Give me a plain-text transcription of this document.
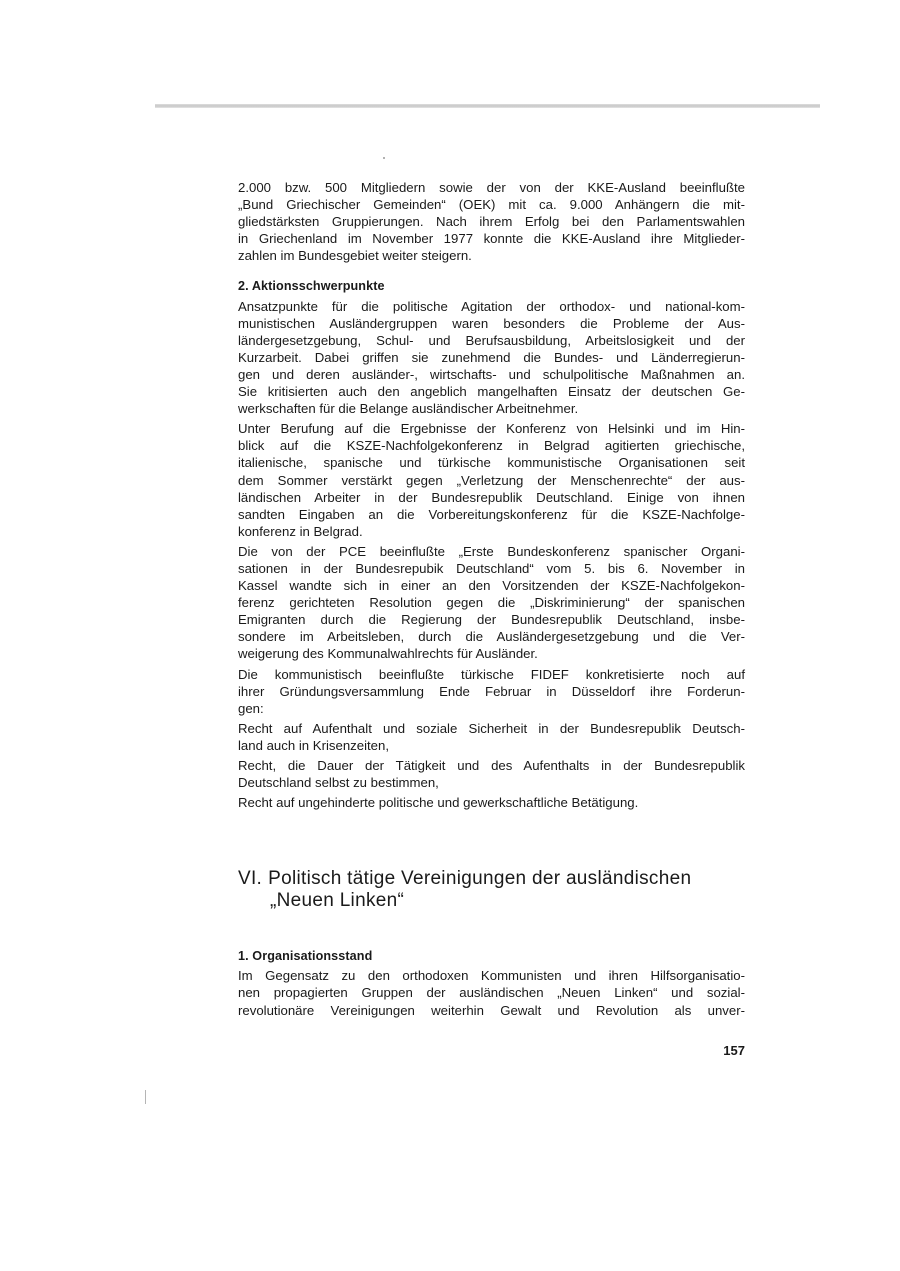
2.000 bzw. 500 Mitgliedern sowie der von der KKE-Ausland beeinflußte
„Bund Griechischer Gemeinden“ (OEK) mit ca. 9.000 Anhängern die mit-
gliedstärksten Gruppierungen. Nach ihrem Erfolg bei den Parlamentswahlen
in Griechenland im November 1977 konnte die KKE-Ausland ihre Mitglieder-
zahlen im Bundesgebiet weiter steigern.
2. Aktionsschwerpunkte
Ansatzpunkte für die politische Agitation der orthodox- und national-kom-
munistischen Ausländergruppen waren besonders die Probleme der Aus-
ländergesetzgebung, Schul- und Berufsausbildung, Arbeitslosigkeit und der
Kurzarbeit. Dabei griffen sie zunehmend die Bundes- und Länderregierun-
gen und deren ausländer-, wirtschafts- und schulpolitische Maßnahmen an.
Sie kritisierten auch den angeblich mangelhaften Einsatz der deutschen Ge-
werkschaften für die Belange ausländischer Arbeitnehmer.
Unter Berufung auf die Ergebnisse der Konferenz von Helsinki und im Hin-
blick auf die KSZE-Nachfolgekonferenz in Belgrad agitierten griechische,
italienische, spanische und türkische kommunistische Organisationen seit
dem Sommer verstärkt gegen „Verletzung der Menschenrechte“ der aus-
ländischen Arbeiter in der Bundesrepublik Deutschland. Einige von ihnen
sandten Eingaben an die Vorbereitungskonferenz für die KSZE-Nachfolge-
konferenz in Belgrad.
Die von der PCE beeinflußte „Erste Bundeskonferenz spanischer Organi-
sationen in der Bundesrepubik Deutschland“ vom 5. bis 6. November in
Kassel wandte sich in einer an den Vorsitzenden der KSZE-Nachfolgekon-
ferenz gerichteten Resolution gegen die „Diskriminierung“ der spanischen
Emigranten durch die Regierung der Bundesrepublik Deutschland, insbe-
sondere im Arbeitsleben, durch die Ausländergesetzgebung und die Ver-
weigerung des Kommunalwahlrechts für Ausländer.
Die kommunistisch beeinflußte türkische FIDEF konkretisierte noch auf
ihrer Gründungsversammlung Ende Februar in Düsseldorf ihre Forderun-
gen:
Recht auf Aufenthalt und soziale Sicherheit in der Bundesrepublik Deutsch-
land auch in Krisenzeiten,
Recht, die Dauer der Tätigkeit und des Aufenthalts in der Bundesrepublik
Deutschland selbst zu bestimmen,
Recht auf ungehinderte politische und gewerkschaftliche Betätigung.
VI. Politisch tätige Vereinigungen der ausländischen
„Neuen Linken“
1. Organisationsstand
Im Gegensatz zu den orthodoxen Kommunisten und ihren Hilfsorganisatio-
nen propagierten Gruppen der ausländischen „Neuen Linken“ und sozial-
revolutionäre Vereinigungen weiterhin Gewalt und Revolution als unver-
157
